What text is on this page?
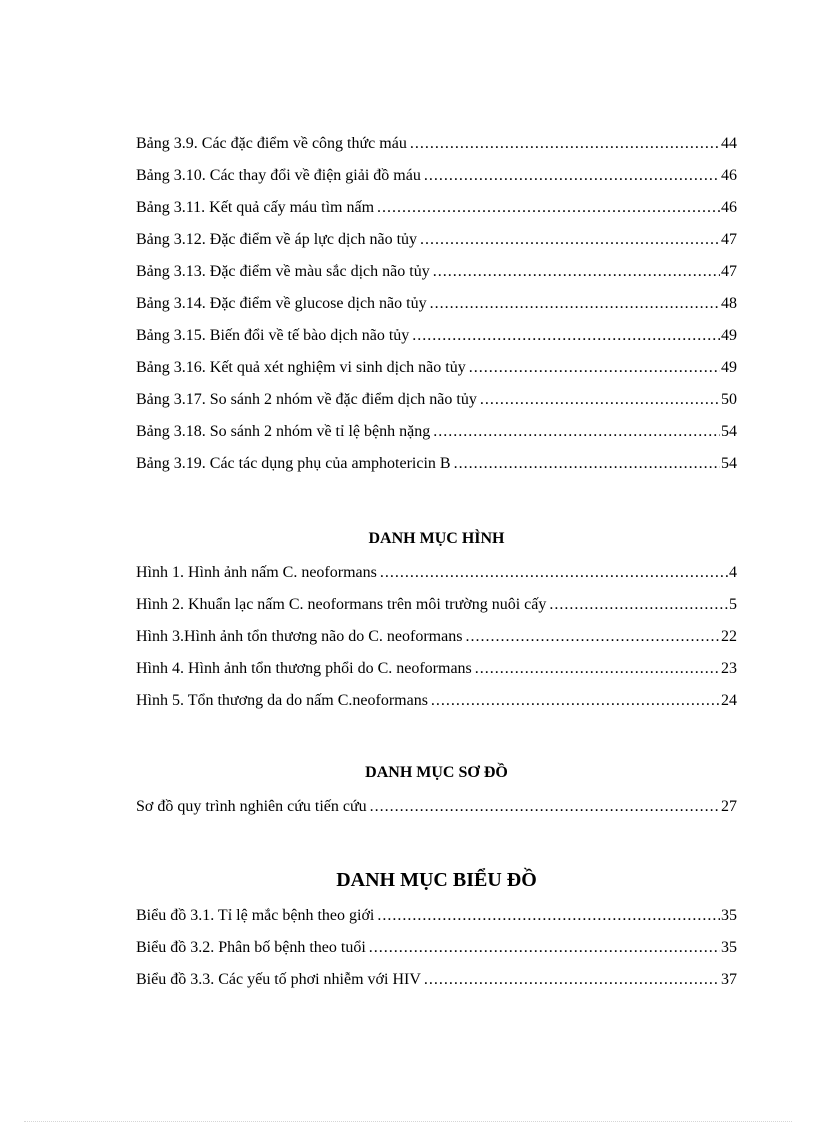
Bảng 3.9. Các đặc điểm về công thức máu .....	44
Bảng 3.10. Các thay đổi về điện giải đồ máu .....	46
Bảng 3.11. Kết quả cấy máu tìm nấm .....	46
Bảng 3.12. Đặc điểm về áp lực dịch não tủy .....	47
Bảng 3.13. Đặc điểm về màu sắc dịch não tủy .....	47
Bảng 3.14. Đặc điểm về glucose dịch não tủy .....	48
Bảng 3.15. Biến đổi về tế bào dịch não tủy .....	49
Bảng 3.16. Kết quả xét nghiệm vi sinh dịch não tủy .....	49
Bảng 3.17. So sánh 2 nhóm về đặc điểm dịch não tủy .....	50
Bảng 3.18. So sánh 2 nhóm về tỉ lệ bệnh nặng .....	54
Bảng 3.19. Các tác dụng phụ của amphotericin B .....	54
DANH MỤC HÌNH
Hình 1. Hình ảnh nấm C. neoformans .....	4
Hình 2. Khuẩn lạc nấm C. neoformans trên môi trường nuôi cấy .....	5
Hình 3.Hình ảnh tổn thương não do C. neoformans .....	22
Hình 4. Hình ảnh tổn thương phổi do C. neoformans .....	23
Hình 5. Tổn thương da do nấm C.neoformans .....	24
DANH MỤC SƠ ĐỒ
Sơ đồ quy trình nghiên cứu tiến cứu .....	27
DANH MỤC BIỂU ĐỒ
Biểu đồ 3.1. Tỉ lệ mắc bệnh theo giới .....	35
Biểu đồ 3.2. Phân bố bệnh theo tuổi .....	35
Biểu đồ 3.3. Các yếu tố phơi nhiễm với HIV .....	37
